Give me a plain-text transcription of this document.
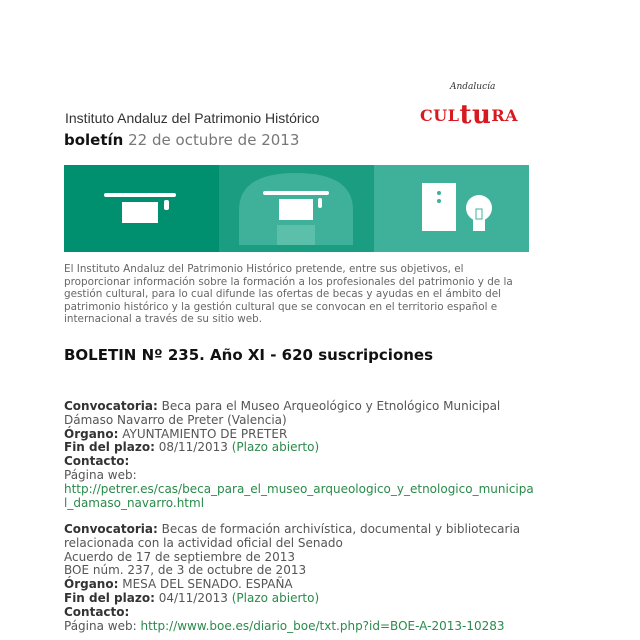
Instituto Andaluz del Patrimonio Histórico
boletín 22 de octubre de 2013
Andalucía
CULtuRA
El Instituto Andaluz del Patrimonio Histórico pretende, entre sus objetivos, el proporcionar información sobre la formación a los profesionales del patrimonio y de la gestión cultural, para lo cual difunde las ofertas de becas y ayudas en el ámbito del patrimonio histórico y la gestión cultural que se convocan en el territorio español e internacional a través de su sitio web.
BOLETIN Nº 235. Año XI - 620 suscripciones
Convocatoria: Beca para el Museo Arqueológico y Etnológico Municipal Dámaso Navarro de Preter (Valencia)
Órgano: AYUNTAMIENTO DE PRETER
Fin del plazo: 08/11/2013 (Plazo abierto)
Contacto:
Página web:
http://petrer.es/cas/beca_para_el_museo_arqueologico_y_etnologico_municipal_damaso_navarro.html
Convocatoria: Becas de formación archivística, documental y bibliotecaria relacionada con la actividad oficial del Senado
Acuerdo de 17 de septiembre de 2013
BOE núm. 237, de 3 de octubre de 2013
Órgano: MESA DEL SENADO. ESPAÑA
Fin del plazo: 04/11/2013 (Plazo abierto)
Contacto:
Página web: http://www.boe.es/diario_boe/txt.php?id=BOE-A-2013-10283
